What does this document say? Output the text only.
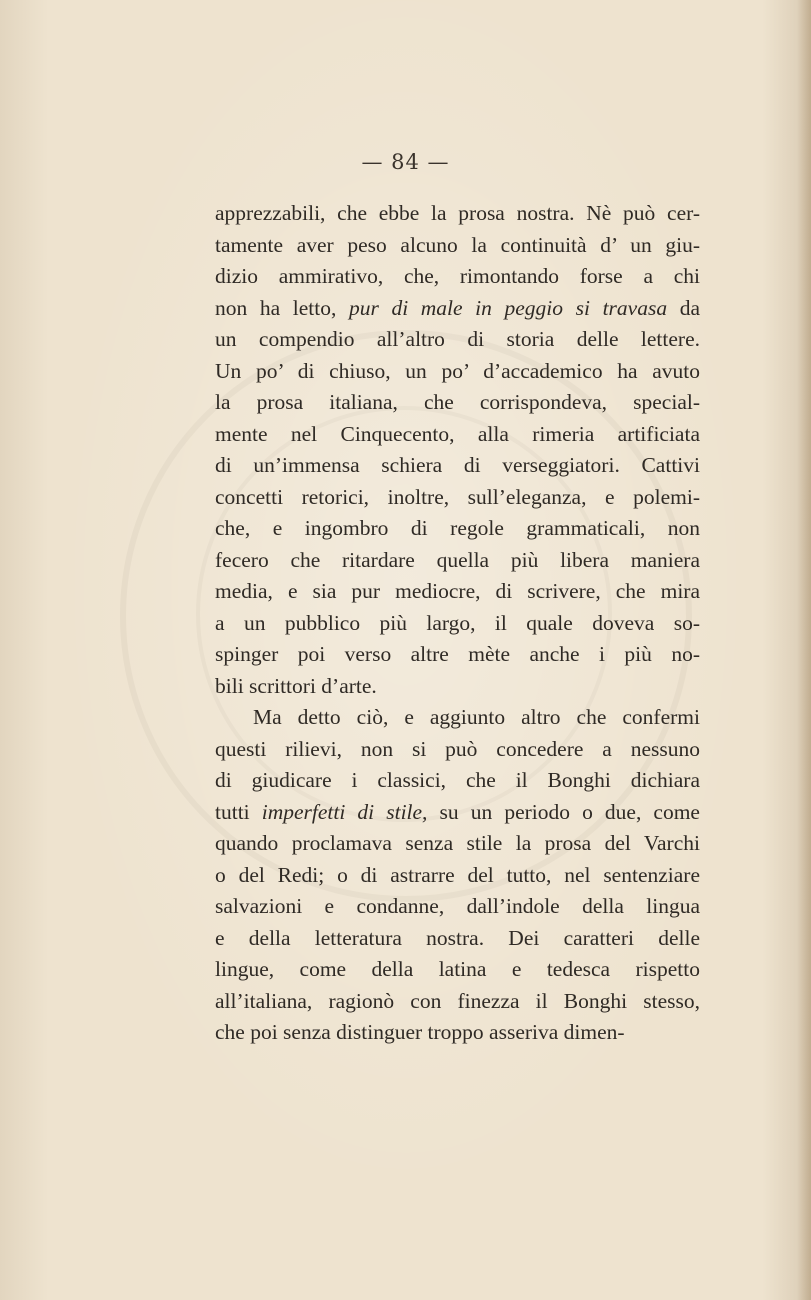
— 84 —
apprezzabili, che ebbe la prosa nostra. Nè può cer-
tamente aver peso alcuno la continuità d’ un giu-
dizio ammirativo, che, rimontando forse a chi
non ha letto, pur di male in peggio si travasa da
un compendio all’altro di storia delle lettere.
Un po’ di chiuso, un po’ d’accademico ha avuto
la prosa italiana, che corrispondeva, special-
mente nel Cinquecento, alla rimeria artificiata
di un’immensa schiera di verseggiatori. Cattivi
concetti retorici, inoltre, sull’eleganza, e polemi-
che, e ingombro di regole grammaticali, non
fecero che ritardare quella più libera maniera
media, e sia pur mediocre, di scrivere, che mira
a un pubblico più largo, il quale doveva so-
spinger poi verso altre mète anche i più no-
bili scrittori d’arte.
Ma detto ciò, e aggiunto altro che confermi
questi rilievi, non si può concedere a nessuno
di giudicare i classici, che il Bonghi dichiara
tutti imperfetti di stile, su un periodo o due, come
quando proclamava senza stile la prosa del Varchi
o del Redi; o di astrarre del tutto, nel sentenziare
salvazioni e condanne, dall’indole della lingua
e della letteratura nostra. Dei caratteri delle
lingue, come della latina e tedesca rispetto
all’italiana, ragionò con finezza il Bonghi stesso,
che poi senza distinguer troppo asseriva dimen-
